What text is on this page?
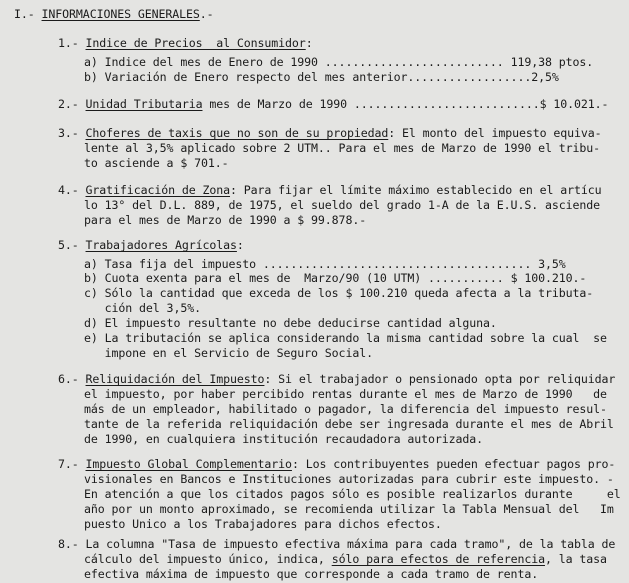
I.- INFORMACIONES GENERALES.-
1.- Indice de Precios  al Consumidor:
a) Indice del mes de Enero de 1990 .......................... 119,38 ptos.
b) Variación de Enero respecto del mes anterior..................2,5%
2.- Unidad Tributaria mes de Marzo de 1990 ...........................$ 10.021.-
3.- Choferes de taxis que no son de su propiedad: El monto del impuesto equiva-
lente al 3,5% aplicado sobre 2 UTM.. Para el mes de Marzo de 1990 el tribu-
to asciende a $ 701.-
4.- Gratificación de Zona: Para fijar el límite máximo establecido en el artícu
lo 13° del D.L. 889, de 1975, el sueldo del grado 1-A de la E.U.S. asciende
para el mes de Marzo de 1990 a $ 99.878.-
5.- Trabajadores Agrícolas:
a) Tasa fija del impuesto ....................................... 3,5%
b) Cuota exenta para el mes de  Marzo/90 (10 UTM) ........... $ 100.210.-
c) Sólo la cantidad que exceda de los $ 100.210 queda afecta a la tributa-
ción del 3,5%.
d) El impuesto resultante no debe deducirse cantidad alguna.
e) La tributación se aplica considerando la misma cantidad sobre la cual  se
impone en el Servicio de Seguro Social.
6.- Reliquidación del Impuesto: Si el trabajador o pensionado opta por reliquidar
el impuesto, por haber percibido rentas durante el mes de Marzo de 1990   de
más de un empleador, habilitado o pagador, la diferencia del impuesto resul-
tante de la referida reliquidación debe ser ingresada durante el mes de Abril
de 1990, en cualquiera institución recaudadora autorizada.
7.- Impuesto Global Complementario: Los contribuyentes pueden efectuar pagos pro-
visionales en Bancos e Instituciones autorizadas para cubrir este impuesto. -
En atención a que los citados pagos sólo es posible realizarlos durante     el
año por un monto aproximado, se recomienda utilizar la Tabla Mensual del   Im
puesto Unico a los Trabajadores para dichos efectos.
8.- La columna "Tasa de impuesto efectiva máxima para cada tramo", de la tabla de
cálculo del impuesto único, indica, sólo para efectos de referencia, la tasa
efectiva máxima de impuesto que corresponde a cada tramo de renta.
